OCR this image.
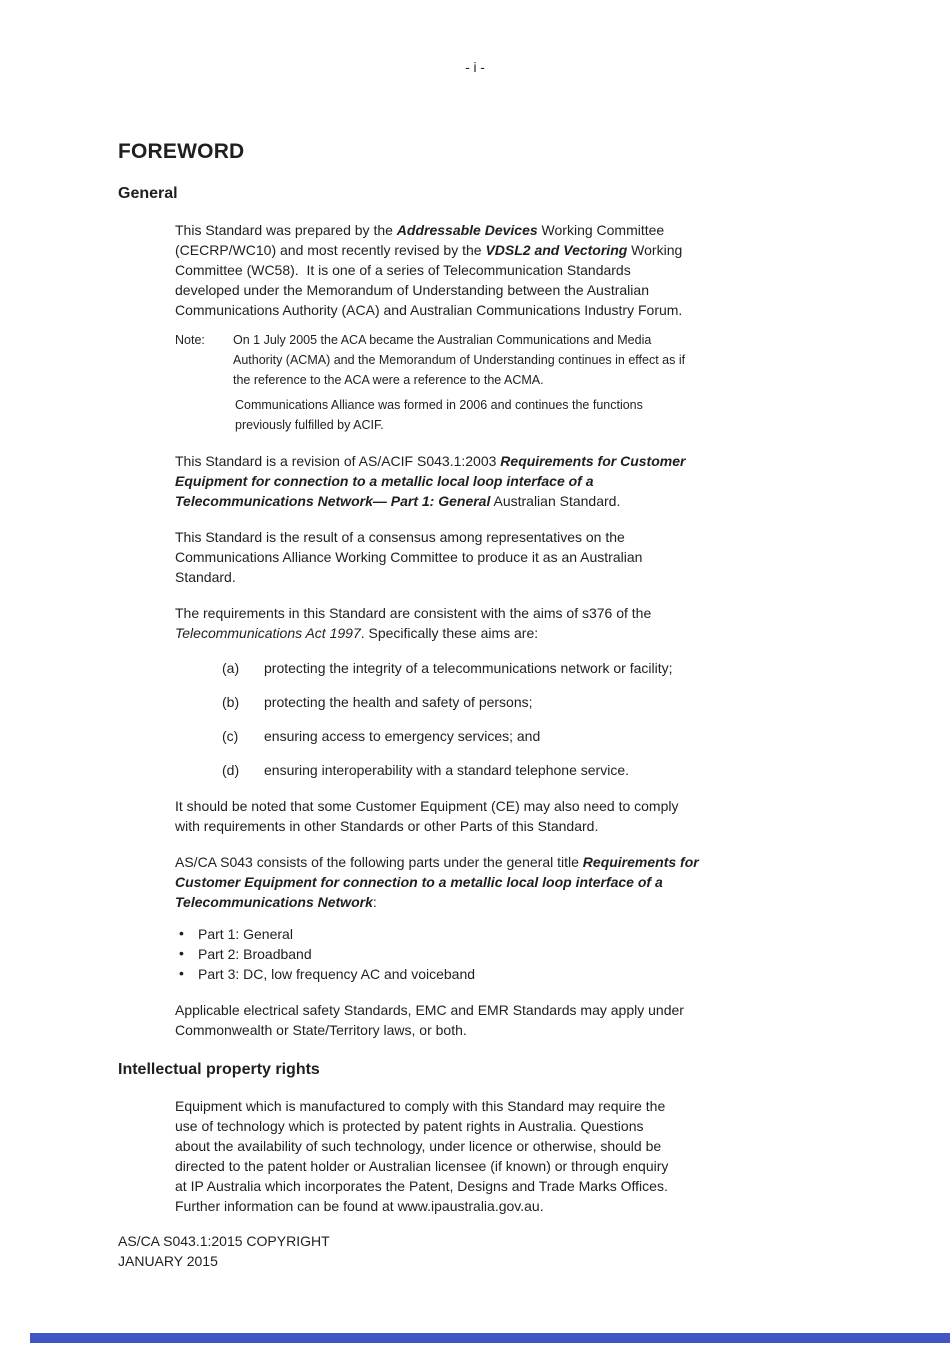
- i -
FOREWORD
General
This Standard was prepared by the Addressable Devices Working Committee
(CECRP/WC10) and most recently revised by the VDSL2 and Vectoring Working
Committee (WC58).  It is one of a series of Telecommunication Standards
developed under the Memorandum of Understanding between the Australian
Communications Authority (ACA) and Australian Communications Industry Forum.
Note: On 1 July 2005 the ACA became the Australian Communications and Media
Authority (ACMA) and the Memorandum of Understanding continues in effect as if
the reference to the ACA were a reference to the ACMA.
Communications Alliance was formed in 2006 and continues the functions
previously fulfilled by ACIF.
This Standard is a revision of AS/ACIF S043.1:2003 Requirements for Customer
Equipment for connection to a metallic local loop interface of a
Telecommunications Network— Part 1: General Australian Standard.
This Standard is the result of a consensus among representatives on the
Communications Alliance Working Committee to produce it as an Australian
Standard.
The requirements in this Standard are consistent with the aims of s376 of the
Telecommunications Act 1997. Specifically these aims are:
(a) protecting the integrity of a telecommunications network or facility;
(b) protecting the health and safety of persons;
(c) ensuring access to emergency services; and
(d) ensuring interoperability with a standard telephone service.
It should be noted that some Customer Equipment (CE) may also need to comply
with requirements in other Standards or other Parts of this Standard.
AS/CA S043 consists of the following parts under the general title Requirements for
Customer Equipment for connection to a metallic local loop interface of a
Telecommunications Network:
• Part 1: General
• Part 2: Broadband
• Part 3: DC, low frequency AC and voiceband
Applicable electrical safety Standards, EMC and EMR Standards may apply under
Commonwealth or State/Territory laws, or both.
Intellectual property rights
Equipment which is manufactured to comply with this Standard may require the
use of technology which is protected by patent rights in Australia. Questions
about the availability of such technology, under licence or otherwise, should be
directed to the patent holder or Australian licensee (if known) or through enquiry
at IP Australia which incorporates the Patent, Designs and Trade Marks Offices.
Further information can be found at www.ipaustralia.gov.au.
AS/CA S043.1:2015 COPYRIGHT
JANUARY 2015
